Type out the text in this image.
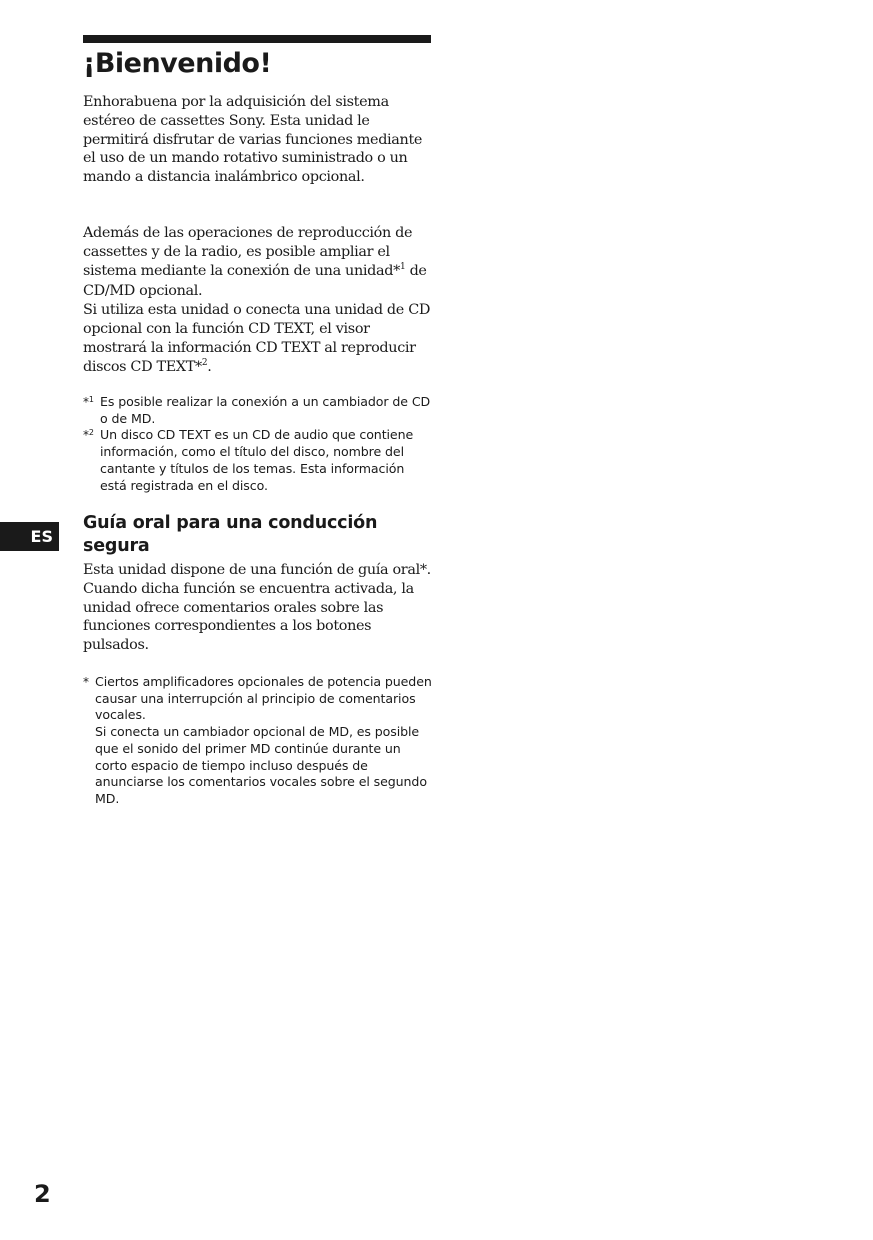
¡Bienvenido!

Enhorabuena por la adquisición del sistema estéreo de cassettes Sony. Esta unidad le permitirá disfrutar de varias funciones mediante el uso de un mando rotativo suministrado o un mando a distancia inalámbrico opcional.

Además de las operaciones de reproducción de cassettes y de la radio, es posible ampliar el sistema mediante la conexión de una unidad*$^1$ de CD/MD opcional.

Si utiliza esta unidad o conecta una unidad de CD opcional con la función CD TEXT, el visor mostrará la información CD TEXT al reproducir discos CD TEXT*$^2$.

*$^1$ Es posible realizar la conexión a un cambiador de CD o de MD.
*$^2$ Un disco CD TEXT es un CD de audio que contiene información, como el título del disco, nombre del cantante y títulos de los temas. Esta información está registrada en el disco.
ES
Guía oral para una conducción segura

Esta unidad dispone de una función de guía oral*. Cuando dicha función se encuentra activada, la unidad ofrece comentarios orales sobre las funciones correspondientes a los botones pulsados.

* Ciertos amplificadores opcionales de potencia pueden causar una interrupción al principio de comentarios vocales.
Si conecta un cambiador opcional de MD, es posible que el sonido del primer MD continúe durante un corto espacio de tiempo incluso después de anunciarse los comentarios vocales sobre el segundo MD.
2
